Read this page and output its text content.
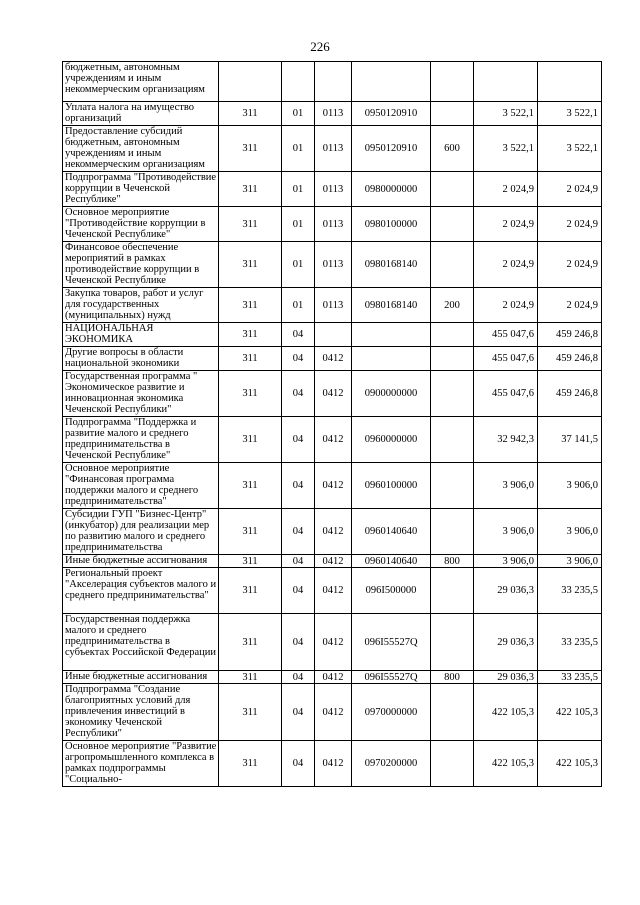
226
бюджетным, автономным учреждениям и иным некоммерческим организациям							
Уплата налога на имущество организаций	311	01	0113	0950120910		3 522,1	3 522,1
Предоставление субсидий бюджетным, автономным учреждениям и иным некоммерческим организациям	311	01	0113	0950120910	600	3 522,1	3 522,1
Подпрограмма "Противодействие коррупции в Чеченской Республике"	311	01	0113	0980000000		2 024,9	2 024,9
Основное мероприятие "Противодействие коррупции в Чеченской Республике"	311	01	0113	0980100000		2 024,9	2 024,9
Финансовое обеспечение мероприятий в рамках противодействие коррупции в Чеченской Республике	311	01	0113	0980168140		2 024,9	2 024,9
Закупка товаров, работ и услуг для государственных (муниципальных) нужд	311	01	0113	0980168140	200	2 024,9	2 024,9
НАЦИОНАЛЬНАЯ ЭКОНОМИКА	311	04				455 047,6	459 246,8
Другие вопросы в области национальной экономики	311	04	0412			455 047,6	459 246,8
Государственная программа " Экономическое развитие и инновационная экономика Чеченской Республики"	311	04	0412	0900000000		455 047,6	459 246,8
Подпрограмма "Поддержка и развитие малого и среднего предпринимательства в Чеченской Республике"	311	04	0412	0960000000		32 942,3	37 141,5
Основное мероприятие "Финансовая программа поддержки малого и среднего предпринимательства"	311	04	0412	0960100000		3 906,0	3 906,0
Субсидии ГУП "Бизнес-Центр" (инкубатор) для реализации мер по развитию малого и среднего предпринимательства	311	04	0412	0960140640		3 906,0	3 906,0
Иные бюджетные ассигнования	311	04	0412	0960140640	800	3 906,0	3 906,0
Региональный проект "Акселерация субъектов малого и среднего предпринимательства"	311	04	0412	096I500000		29 036,3	33 235,5
Государственная поддержка малого и среднего предпринимательства в субъектах Российской Федерации	311	04	0412	096I55527Q		29 036,3	33 235,5
Иные бюджетные ассигнования	311	04	0412	096I55527Q	800	29 036,3	33 235,5
Подпрограмма "Создание благоприятных условий для привлечения инвестиций в экономику Чеченской Республики"	311	04	0412	0970000000		422 105,3	422 105,3
Основное мероприятие "Развитие агропромышленного комплекса в рамках подпрограммы "Социально-	311	04	0412	0970200000		422 105,3	422 105,3
